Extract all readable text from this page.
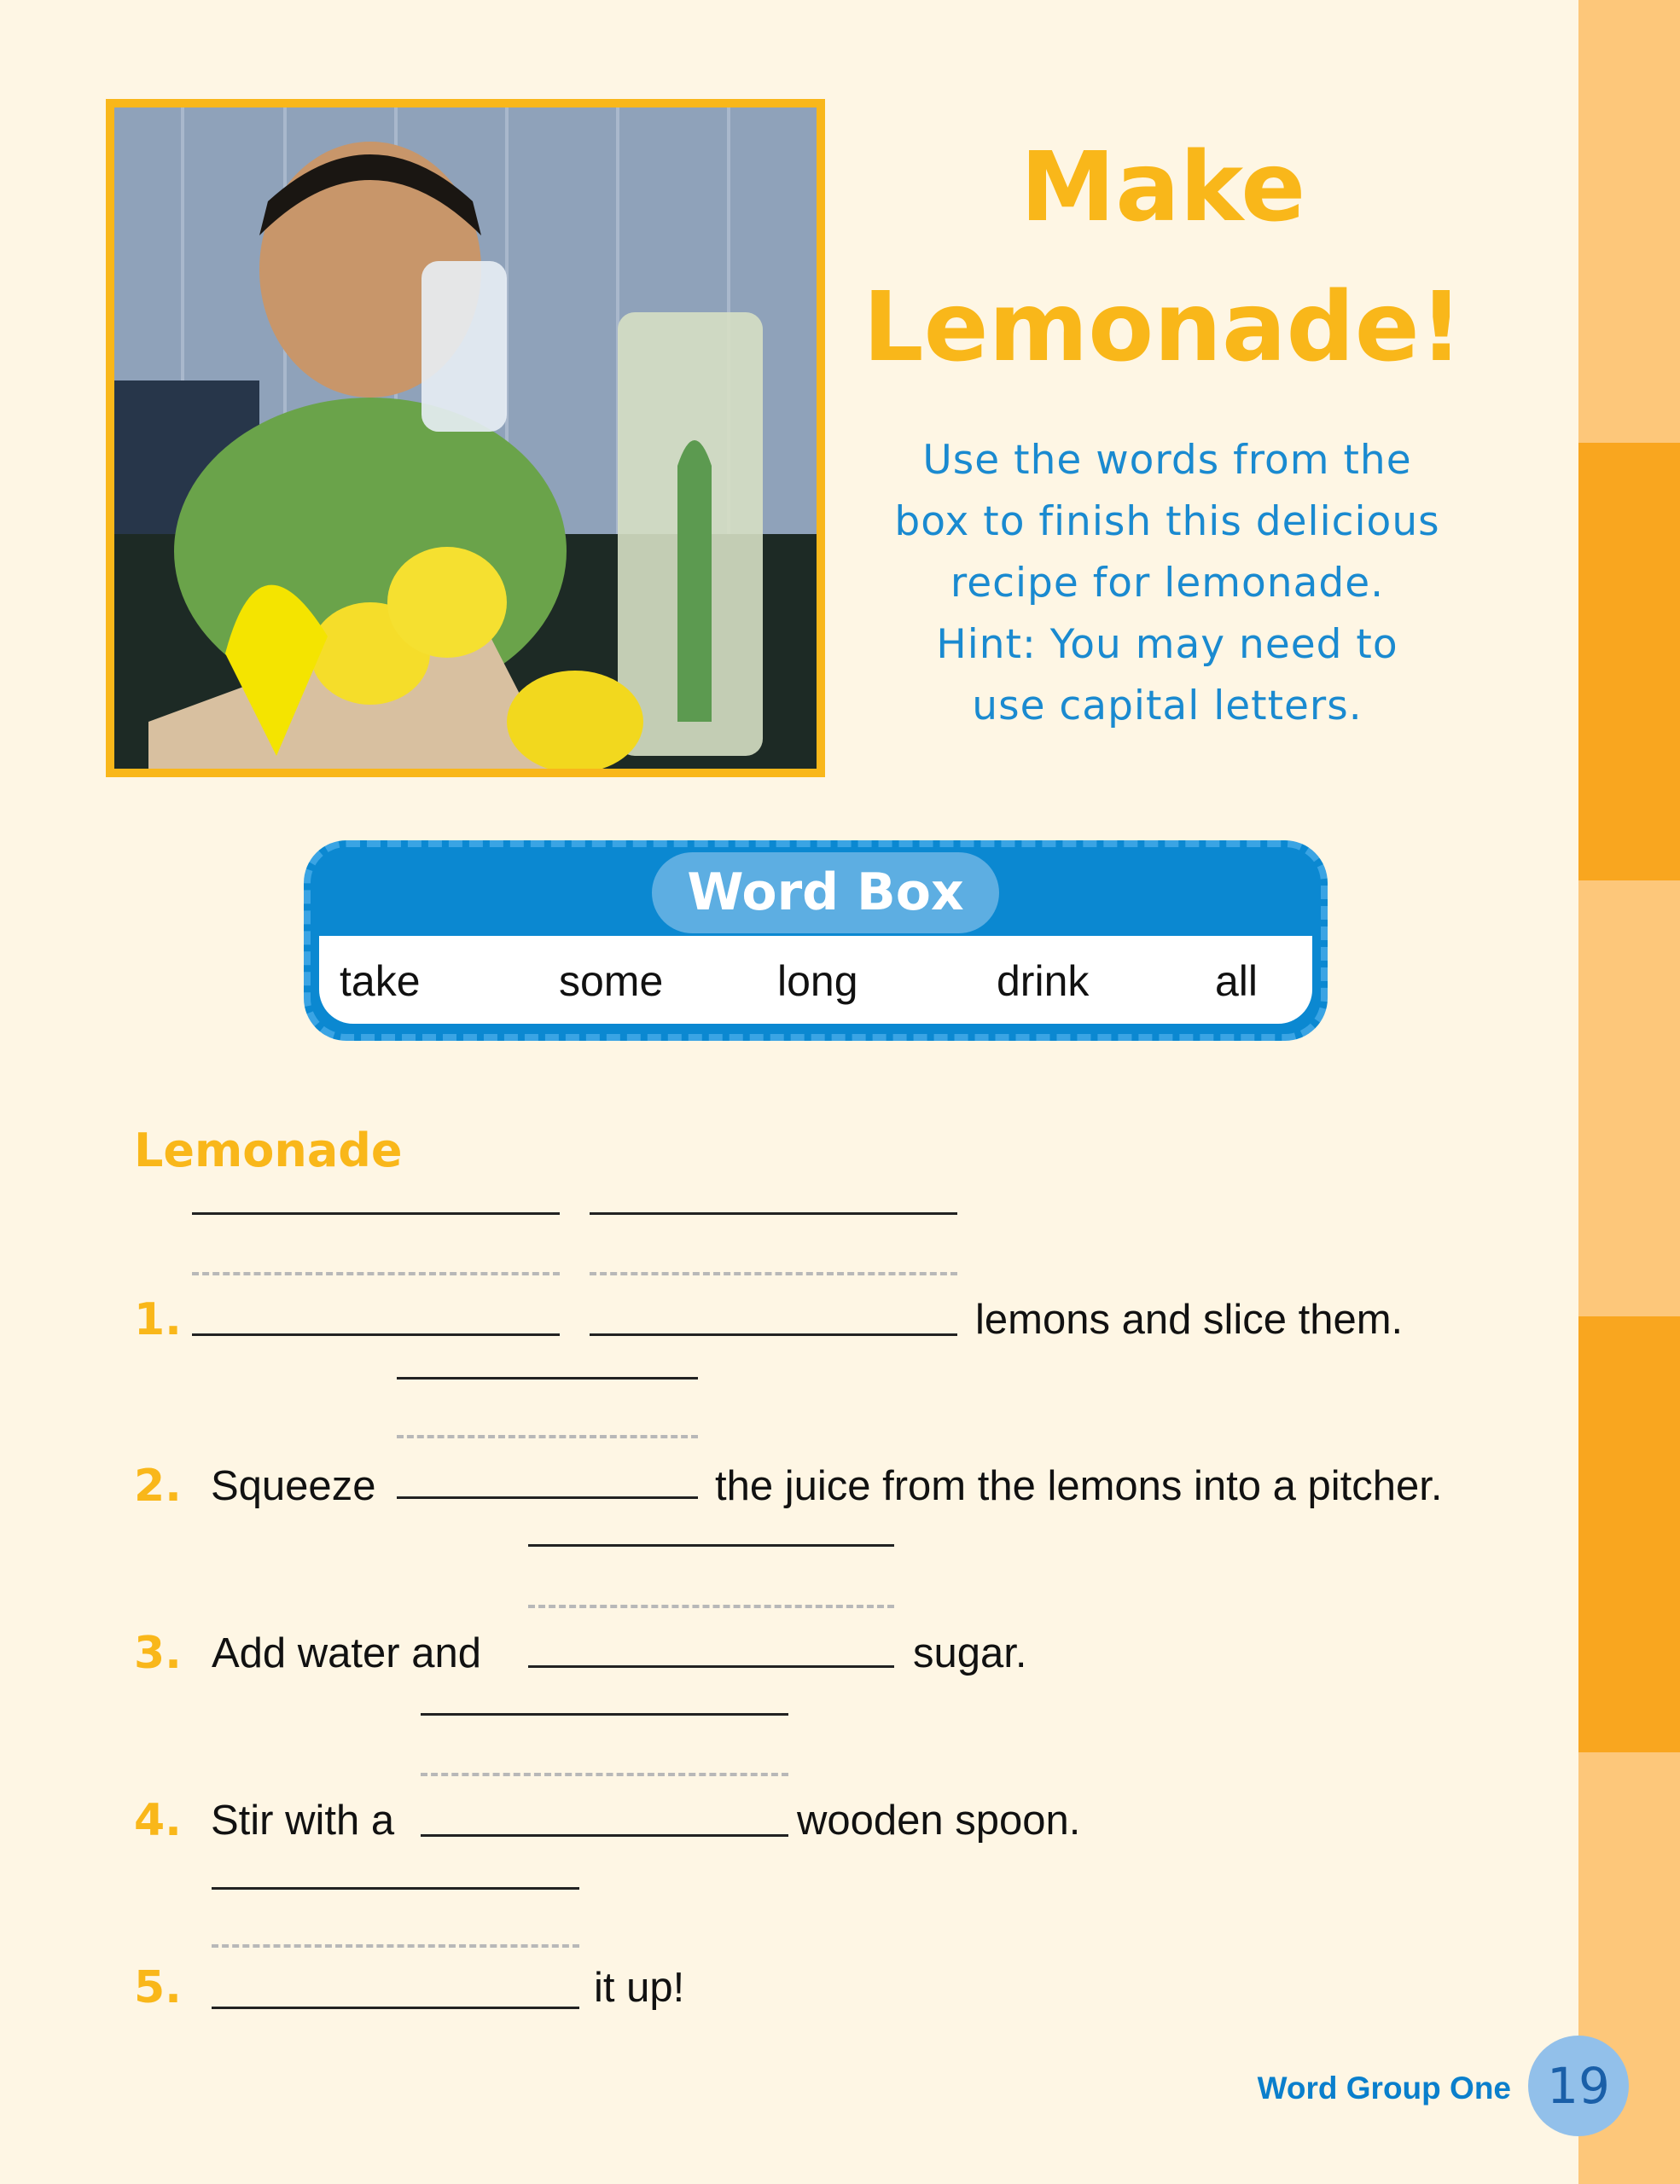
Make
Lemonade!
Use the words from the
box to finish this delicious
recipe for lemonade.
Hint: You may need to
use capital letters.
Word Box
take	some	long	drink	all
Lemonade
1.	lemons and slice them.
2. Squeeze	the juice from the lemons into a pitcher.
3. Add water and	sugar.
4. Stir with a	wooden spoon.
5.	it up!
Word Group One 19
